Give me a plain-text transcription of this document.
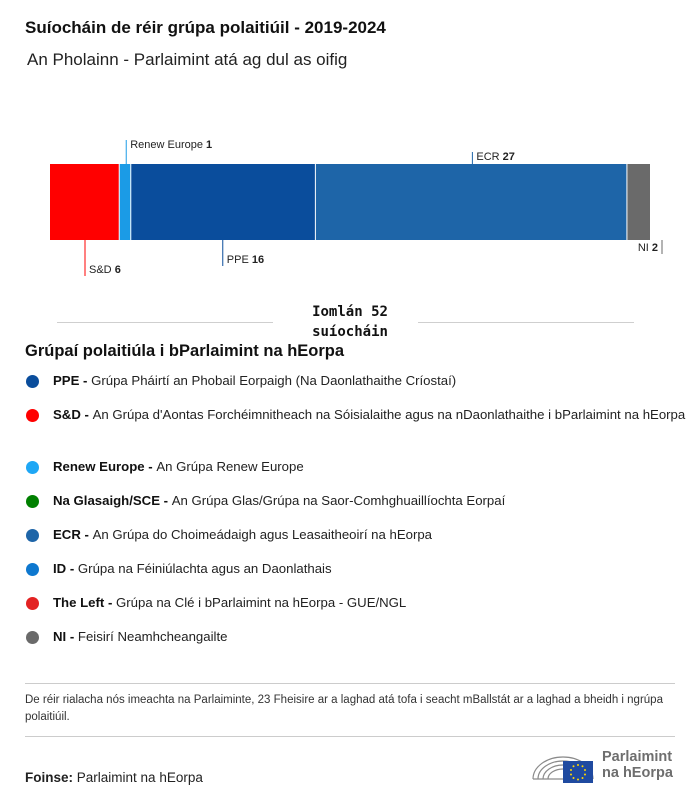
Suíocháin de réir grúpa polaitiúil - 2019-2024
An Pholainn - Parlaimint atá ag dul as oifig
S&D 6
Renew Europe 1
PPE 16
ECR 27
NI 2
Iomlán 52
suíocháin
Grúpaí polaitiúla i bParlaimint na hEorpa
PPE - Grúpa Pháirtí an Phobail Eorpaigh (Na Daonlathaithe Críostaí)
S&D - An Grúpa d'Aontas Forchéimnitheach na Sóisialaithe agus na nDaonlathaithe i bParlaimint na hEorpa
Renew Europe - An Grúpa Renew Europe
Na Glasaigh/SCE - An Grúpa Glas/Grúpa na Saor-Comhghuaillíochta Eorpaí
ECR - An Grúpa do Choimeádaigh agus Leasaitheoirí na hEorpa
ID - Grúpa na Féiniúlachta agus an Daonlathais
The Left - Grúpa na Clé i bParlaimint na hEorpa - GUE/NGL
NI - Feisirí Neamhcheangailte
De réir rialacha nós imeachta na Parlaiminte, 23 Fheisire ar a laghad atá tofa i seacht mBallstát ar a laghad a bheidh i ngrúpa polaitiúil.
Foinse: Parlaimint na hEorpa
Parlaimint
na hEorpa
